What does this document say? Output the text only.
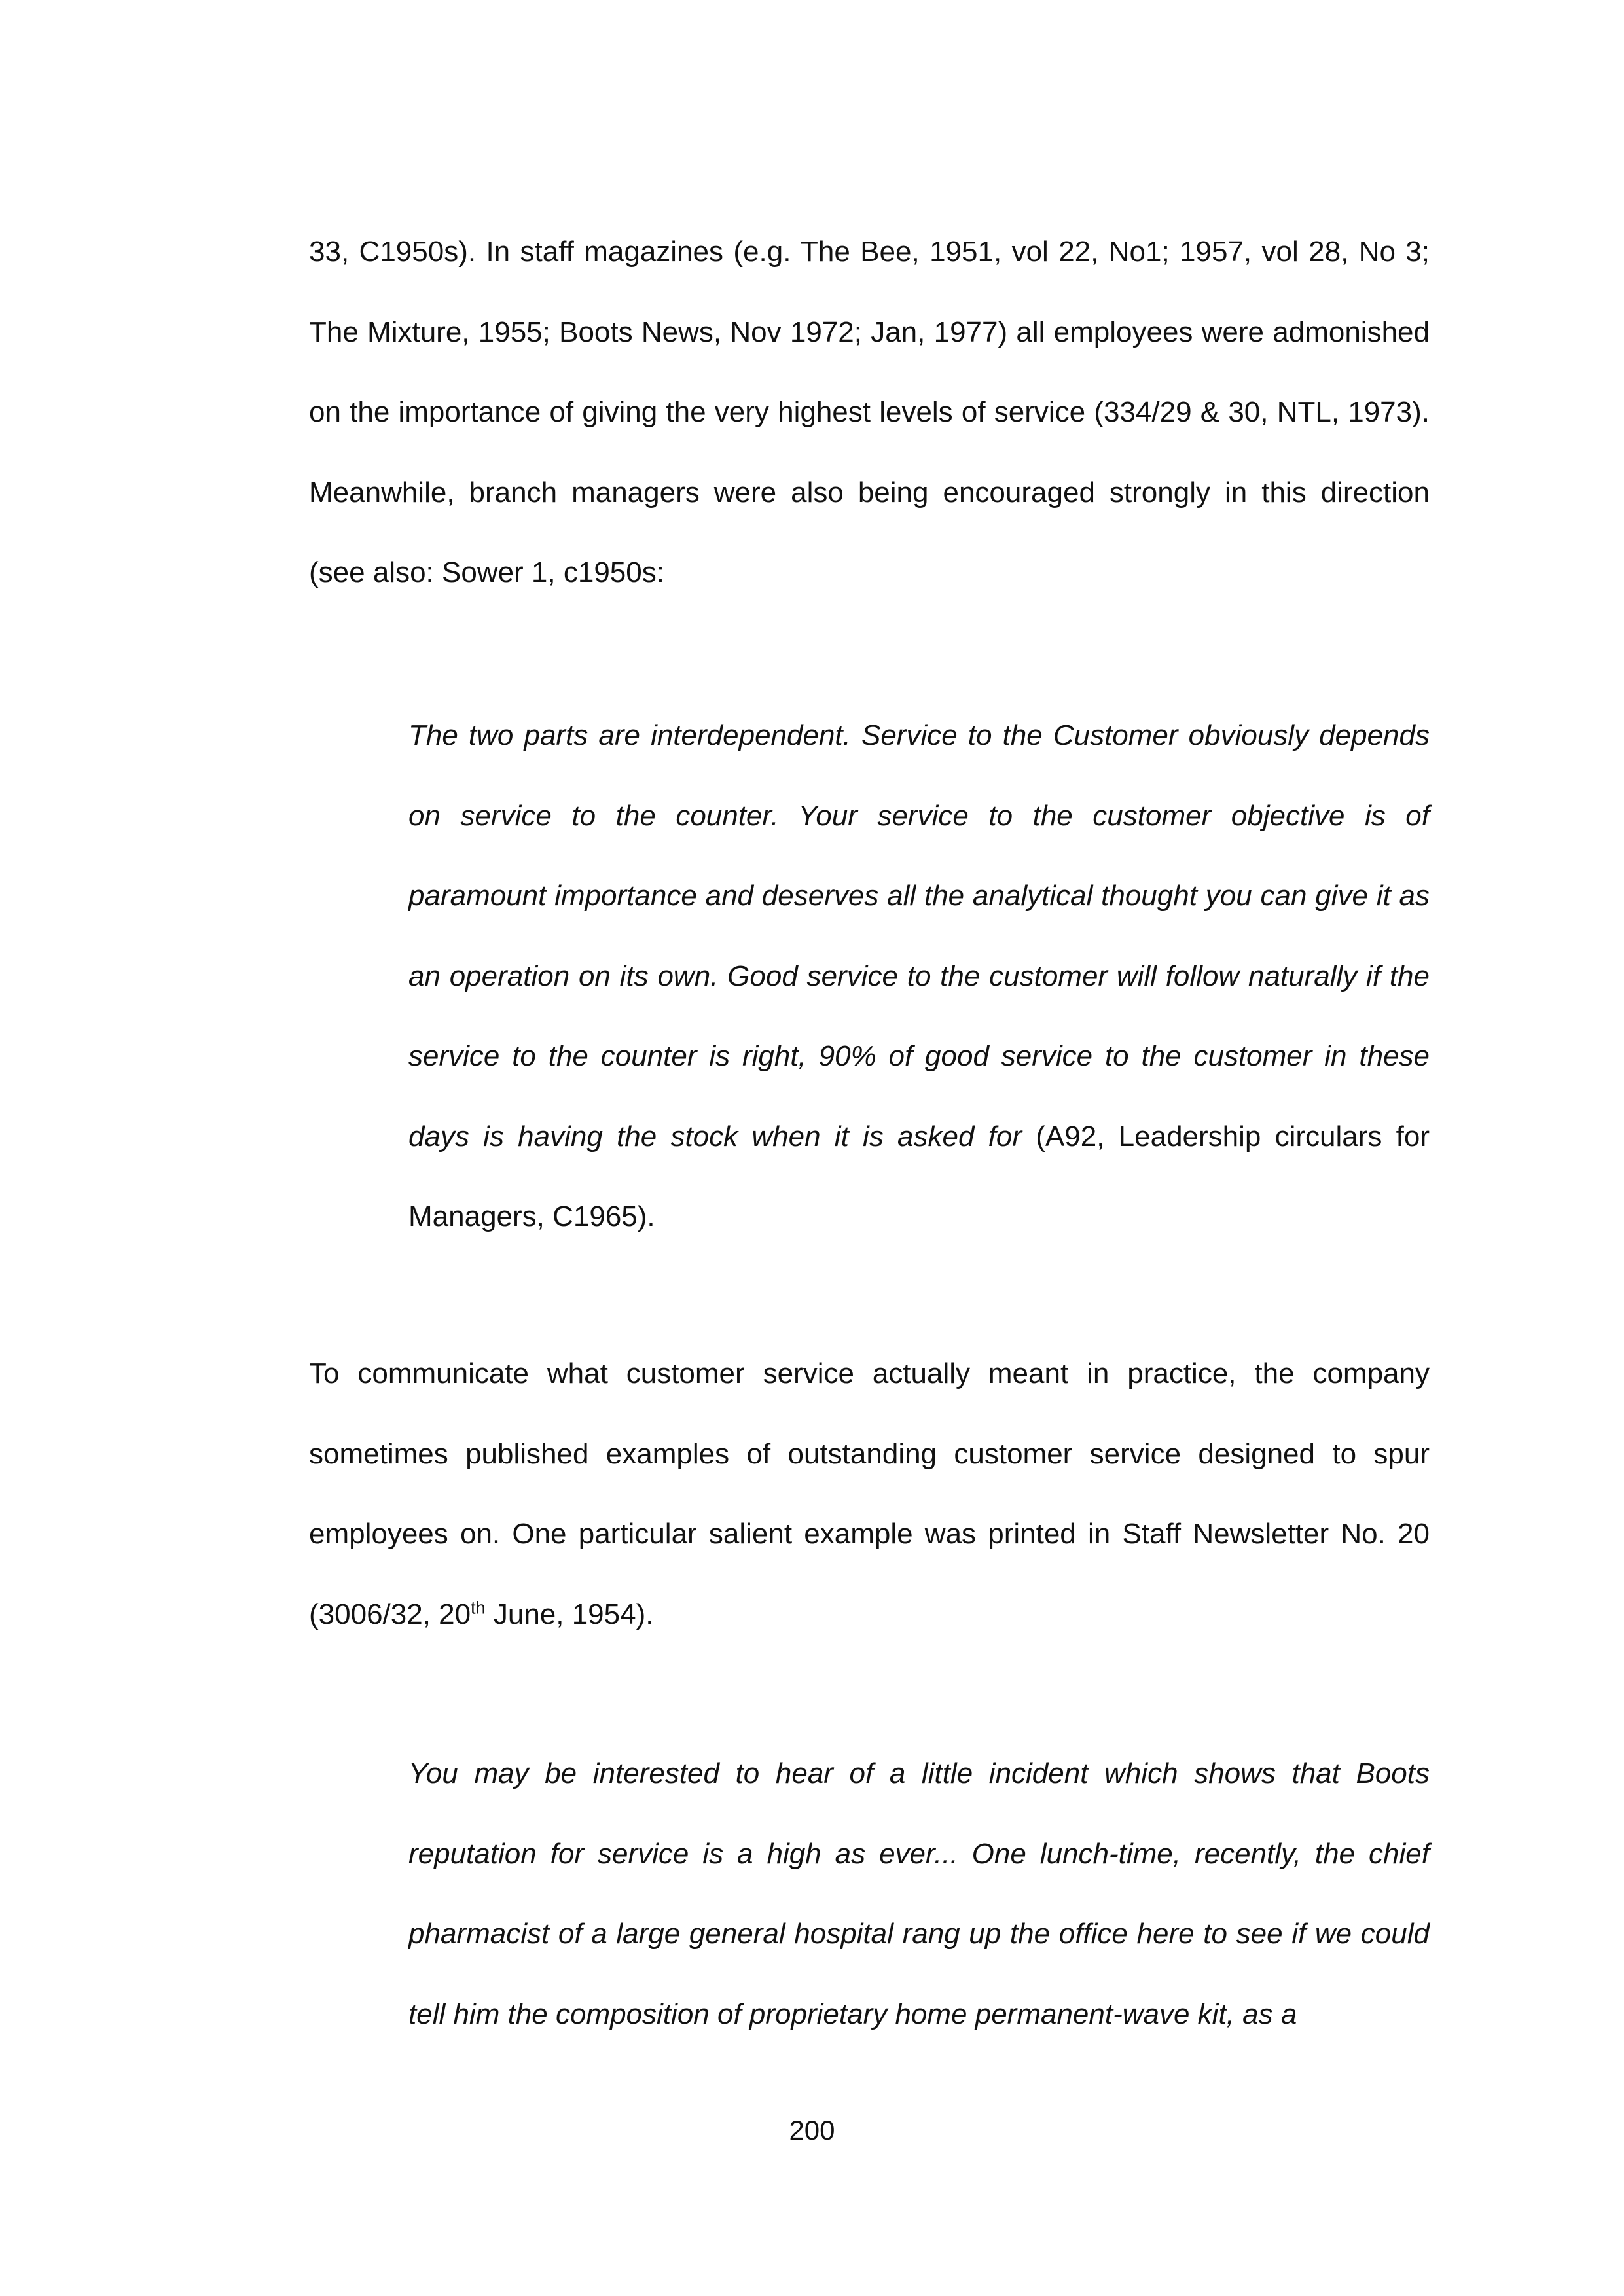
33, C1950s). In staff magazines (e.g. The Bee, 1951, vol 22, No1; 1957, vol 28, No 3; The Mixture, 1955; Boots News, Nov 1972; Jan, 1977) all employees were admonished on the importance of giving the very highest levels of service (334/29 & 30, NTL, 1973). Meanwhile, branch managers were also being encouraged strongly in this direction (see also: Sower 1, c1950s:

The two parts are interdependent. Service to the Customer obviously depends on service to the counter. Your service to the customer objective is of paramount importance and deserves all the analytical thought you can give it as an operation on its own. Good service to the customer will follow naturally if the service to the counter is right, 90% of good service to the customer in these days is having the stock when it is asked for (A92, Leadership circulars for Managers, C1965).

To communicate what customer service actually meant in practice, the company sometimes published examples of outstanding customer service designed to spur employees on. One particular salient example was printed in Staff Newsletter No. 20 (3006/32, 20th June, 1954).

You may be interested to hear of a little incident which shows that Boots reputation for service is a high as ever... One lunch-time, recently, the chief pharmacist of a large general hospital rang up the office here to see if we could tell him the composition of proprietary home permanent-wave kit, as a

200
